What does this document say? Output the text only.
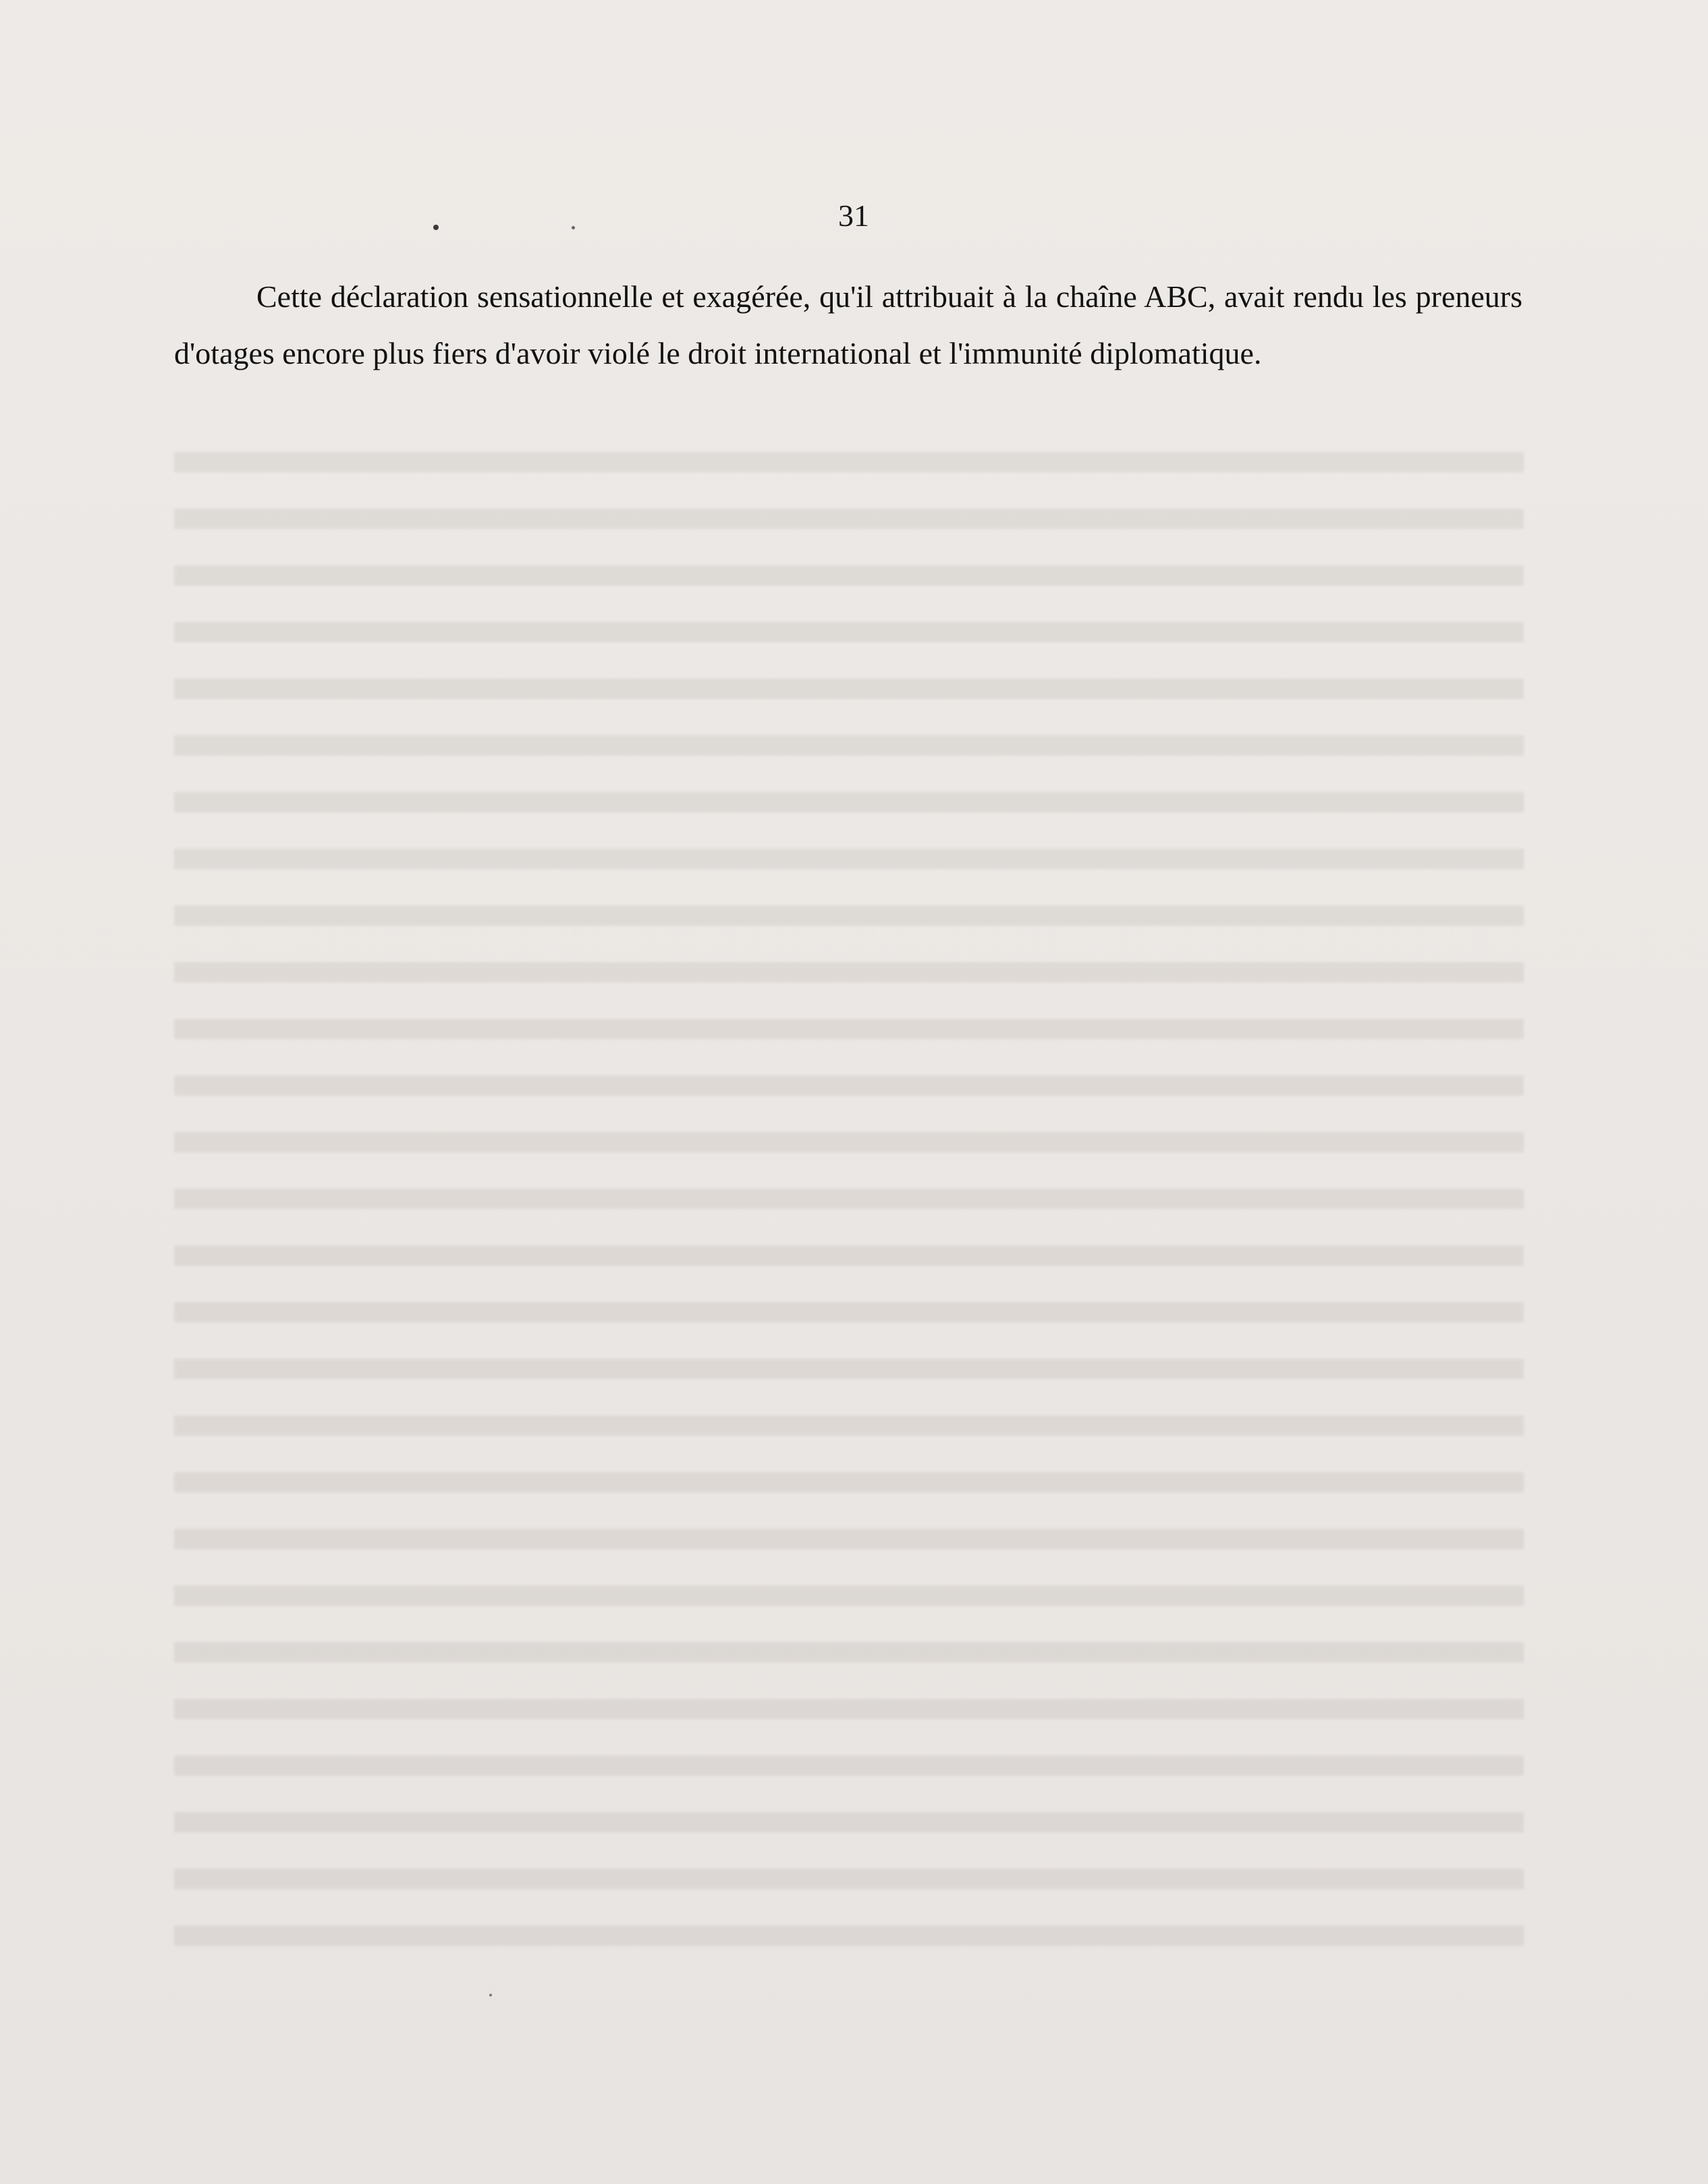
31

Cette déclaration sensationnelle et exagérée, qu'il attribuait à la chaîne ABC, avait rendu les preneurs d'otages encore plus fiers d'avoir violé le droit international et l'immunité diplomatique.
